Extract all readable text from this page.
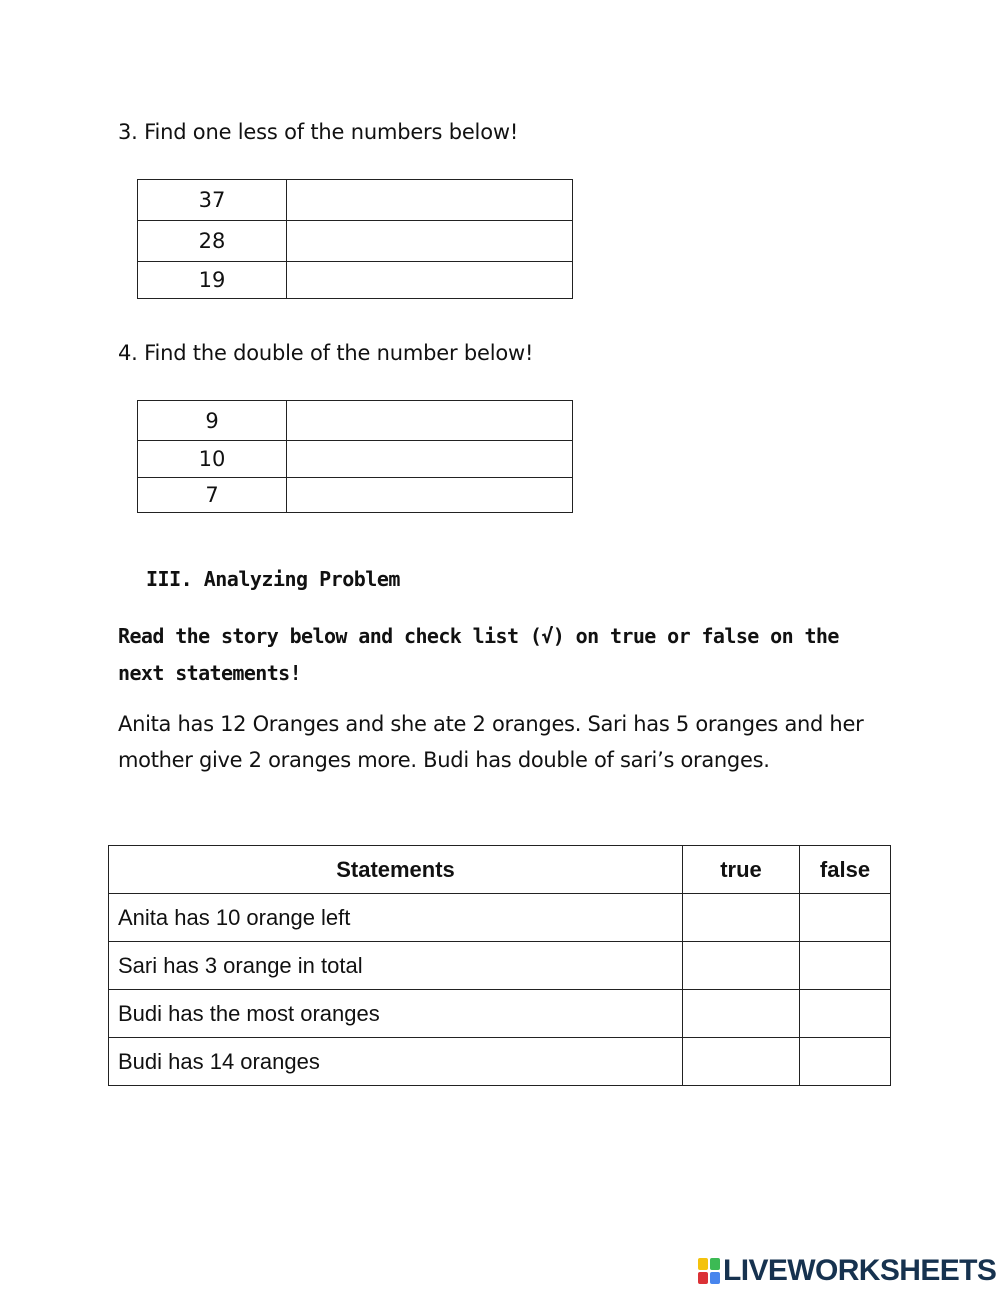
3. Find one less of the numbers below!
37	
28	
19	
4. Find the double of the number below!
9	
10	
7	
III. Analyzing Problem
Read the story below and check list (√) on true or false on the next statements!
Anita has 12 Oranges and she ate 2 oranges. Sari has 5 oranges and her mother give 2 oranges more. Budi has double of sari’s oranges.
Statements	true	false
Anita has 10 orange left		
Sari has 3 orange in total		
Budi has the most oranges		
Budi has 14 oranges		
LIVEWORKSHEETS
